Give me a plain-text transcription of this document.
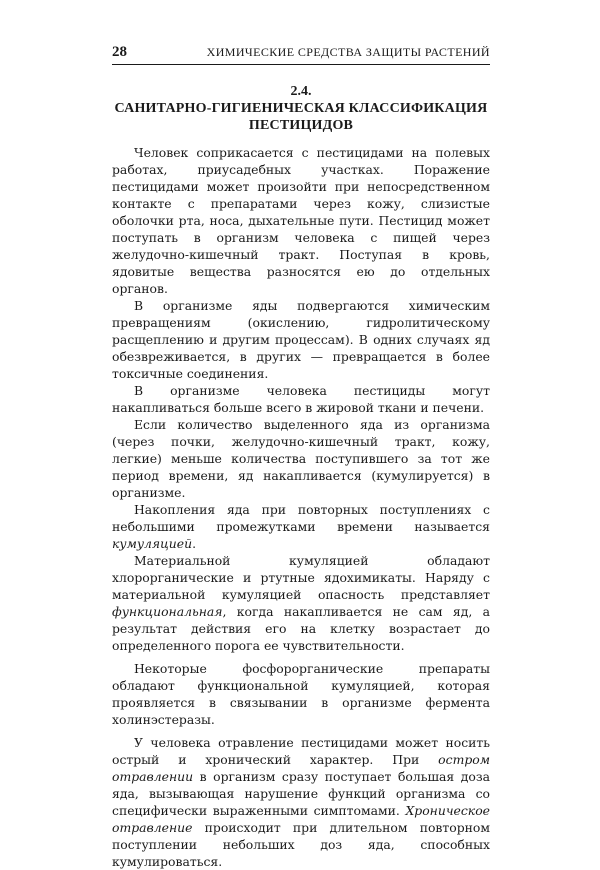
28	ХИМИЧЕСКИЕ СРЕДСТВА ЗАЩИТЫ РАСТЕНИЙ

2.4.

САНИТАРНО-ГИГИЕНИЧЕСКАЯ КЛАССИФИКАЦИЯ
ПЕСТИЦИДОВ

Человек соприкасается с пестицидами на полевых работах, приусадебных участках. Поражение пестицидами может произойти при непосредственном контакте с препаратами через кожу, слизистые оболочки рта, носа, дыхательные пути. Пестицид может поступать в организм человека с пищей через желудочно-кишечный тракт. Поступая в кровь, ядовитые вещества разносятся ею до отдельных органов.

В организме яды подвергаются химическим превращениям (окислению, гидролитическому расщеплению и другим процессам). В одних случаях яд обезвреживается, в других — превращается в более токсичные соединения.

В организме человека пестициды могут накапливаться больше всего в жировой ткани и печени.

Если количество выделенного яда из организма (через почки, желудочно-кишечный тракт, кожу, легкие) меньше количества поступившего за тот же период времени, яд накапливается (кумулируется) в организме.

Накопления яда при повторных поступлениях с небольшими промежутками времени называется кумуляцией.

Материальной кумуляцией обладают хлорорганические и ртутные ядохимикаты. Наряду с материальной кумуляцией опасность представляет функциональная, когда накапливается не сам яд, а результат действия его на клетку возрастает до определенного порога ее чувствительности.

Некоторые фосфорорганические препараты обладают функциональной кумуляцией, которая проявляется в связывании в организме фермента холинэстеразы.

У человека отравление пестицидами может носить острый и хронический характер. При остром отравлении в организм сразу поступает большая доза яда, вызывающая нарушение функций организма со специфически выраженными симптомами. Хроническое отравление происходит при длительном повторном поступлении небольших доз яда, способных кумулироваться.
